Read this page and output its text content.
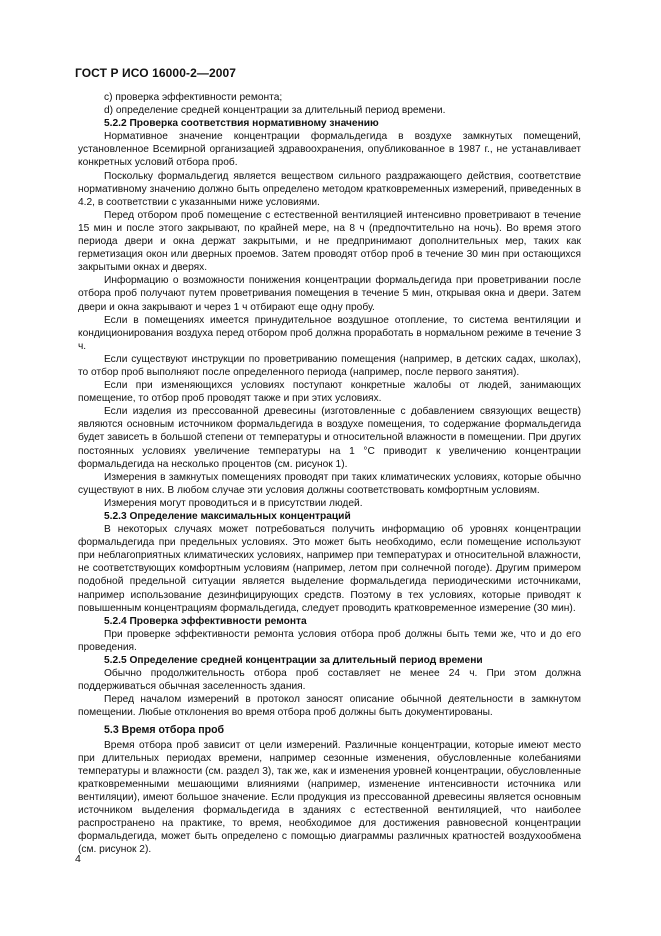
ГОСТ Р ИСО 16000-2—2007

c) проверка эффективности ремонта;

d) определение средней концентрации за длительный период времени.

5.2.2 Проверка соответствия нормативному значению

Нормативное значение концентрации формальдегида в воздухе замкнутых помещений, установленное Всемирной организацией здравоохранения, опубликованное в 1987 г., не устанавливает конкретных условий отбора проб.

Поскольку формальдегид является веществом сильного раздражающего действия, соответствие нормативному значению должно быть определено методом кратковременных измерений, приведенных в 4.2, в соответствии с указанными ниже условиями.

Перед отбором проб помещение с естественной вентиляцией интенсивно проветривают в течение 15 мин и после этого закрывают, по крайней мере, на 8 ч (предпочтительно на ночь). Во время этого периода двери и окна держат закрытыми, и не предпринимают дополнительных мер, таких как герметизация окон или дверных проемов. Затем проводят отбор проб в течение 30 мин при остающихся закрытыми окнах и дверях.

Информацию о возможности понижения концентрации формальдегида при проветривании после отбора проб получают путем проветривания помещения в течение 5 мин, открывая окна и двери. Затем двери и окна закрывают и через 1 ч отбирают еще одну пробу.

Если в помещениях имеется принудительное воздушное отопление, то система вентиляции и кондиционирования воздуха перед отбором проб должна проработать в нормальном режиме в течение 3 ч.

Если существуют инструкции по проветриванию помещения (например, в детских садах, школах), то отбор проб выполняют после определенного периода (например, после первого занятия).

Если при изменяющихся условиях поступают конкретные жалобы от людей, занимающих помещение, то отбор проб проводят также и при этих условиях.

Если изделия из прессованной древесины (изготовленные с добавлением связующих веществ) являются основным источником формальдегида в воздухе помещения, то содержание формальдегида будет зависеть в большой степени от температуры и относительной влажности в помещении. При других постоянных условиях увеличение температуры на 1 °С приводит к увеличению концентрации формальдегида на несколько процентов (см. рисунок 1).

Измерения в замкнутых помещениях проводят при таких климатических условиях, которые обычно существуют в них. В любом случае эти условия должны соответствовать комфортным условиям.

Измерения могут проводиться и в присутствии людей.

5.2.3 Определение максимальных концентраций

В некоторых случаях может потребоваться получить информацию об уровнях концентрации формальдегида при предельных условиях. Это может быть необходимо, если помещение используют при неблагоприятных климатических условиях, например при температурах и относительной влажности, не соответствующих комфортным условиям (например, летом при солнечной погоде). Другим примером подобной предельной ситуации является выделение формальдегида периодическими источниками, например использование дезинфицирующих средств. Поэтому в тех условиях, которые приводят к повышенным концентрациям формальдегида, следует проводить кратковременное измерение (30 мин).

5.2.4 Проверка эффективности ремонта

При проверке эффективности ремонта условия отбора проб должны быть теми же, что и до его проведения.

5.2.5 Определение средней концентрации за длительный период времени

Обычно продолжительность отбора проб составляет не менее 24 ч. При этом должна поддерживаться обычная заселенность здания.

Перед началом измерений в протокол заносят описание обычной деятельности в замкнутом помещении. Любые отклонения во время отбора проб должны быть документированы.

5.3 Время отбора проб

Время отбора проб зависит от цели измерений. Различные концентрации, которые имеют место при длительных периодах времени, например сезонные изменения, обусловленные колебаниями температуры и влажности (см. раздел 3), так же, как и изменения уровней концентрации, обусловленные кратковременными мешающими влияниями (например, изменение интенсивности источника или вентиляции), имеют большое значение. Если продукция из прессованной древесины является основным источником выделения формальдегида в зданиях с естественной вентиляцией, что наиболее распространено на практике, то время, необходимое для достижения равновесной концентрации формальдегида, может быть определено с помощью диаграммы различных кратностей воздухообмена (см. рисунок 2).

4
